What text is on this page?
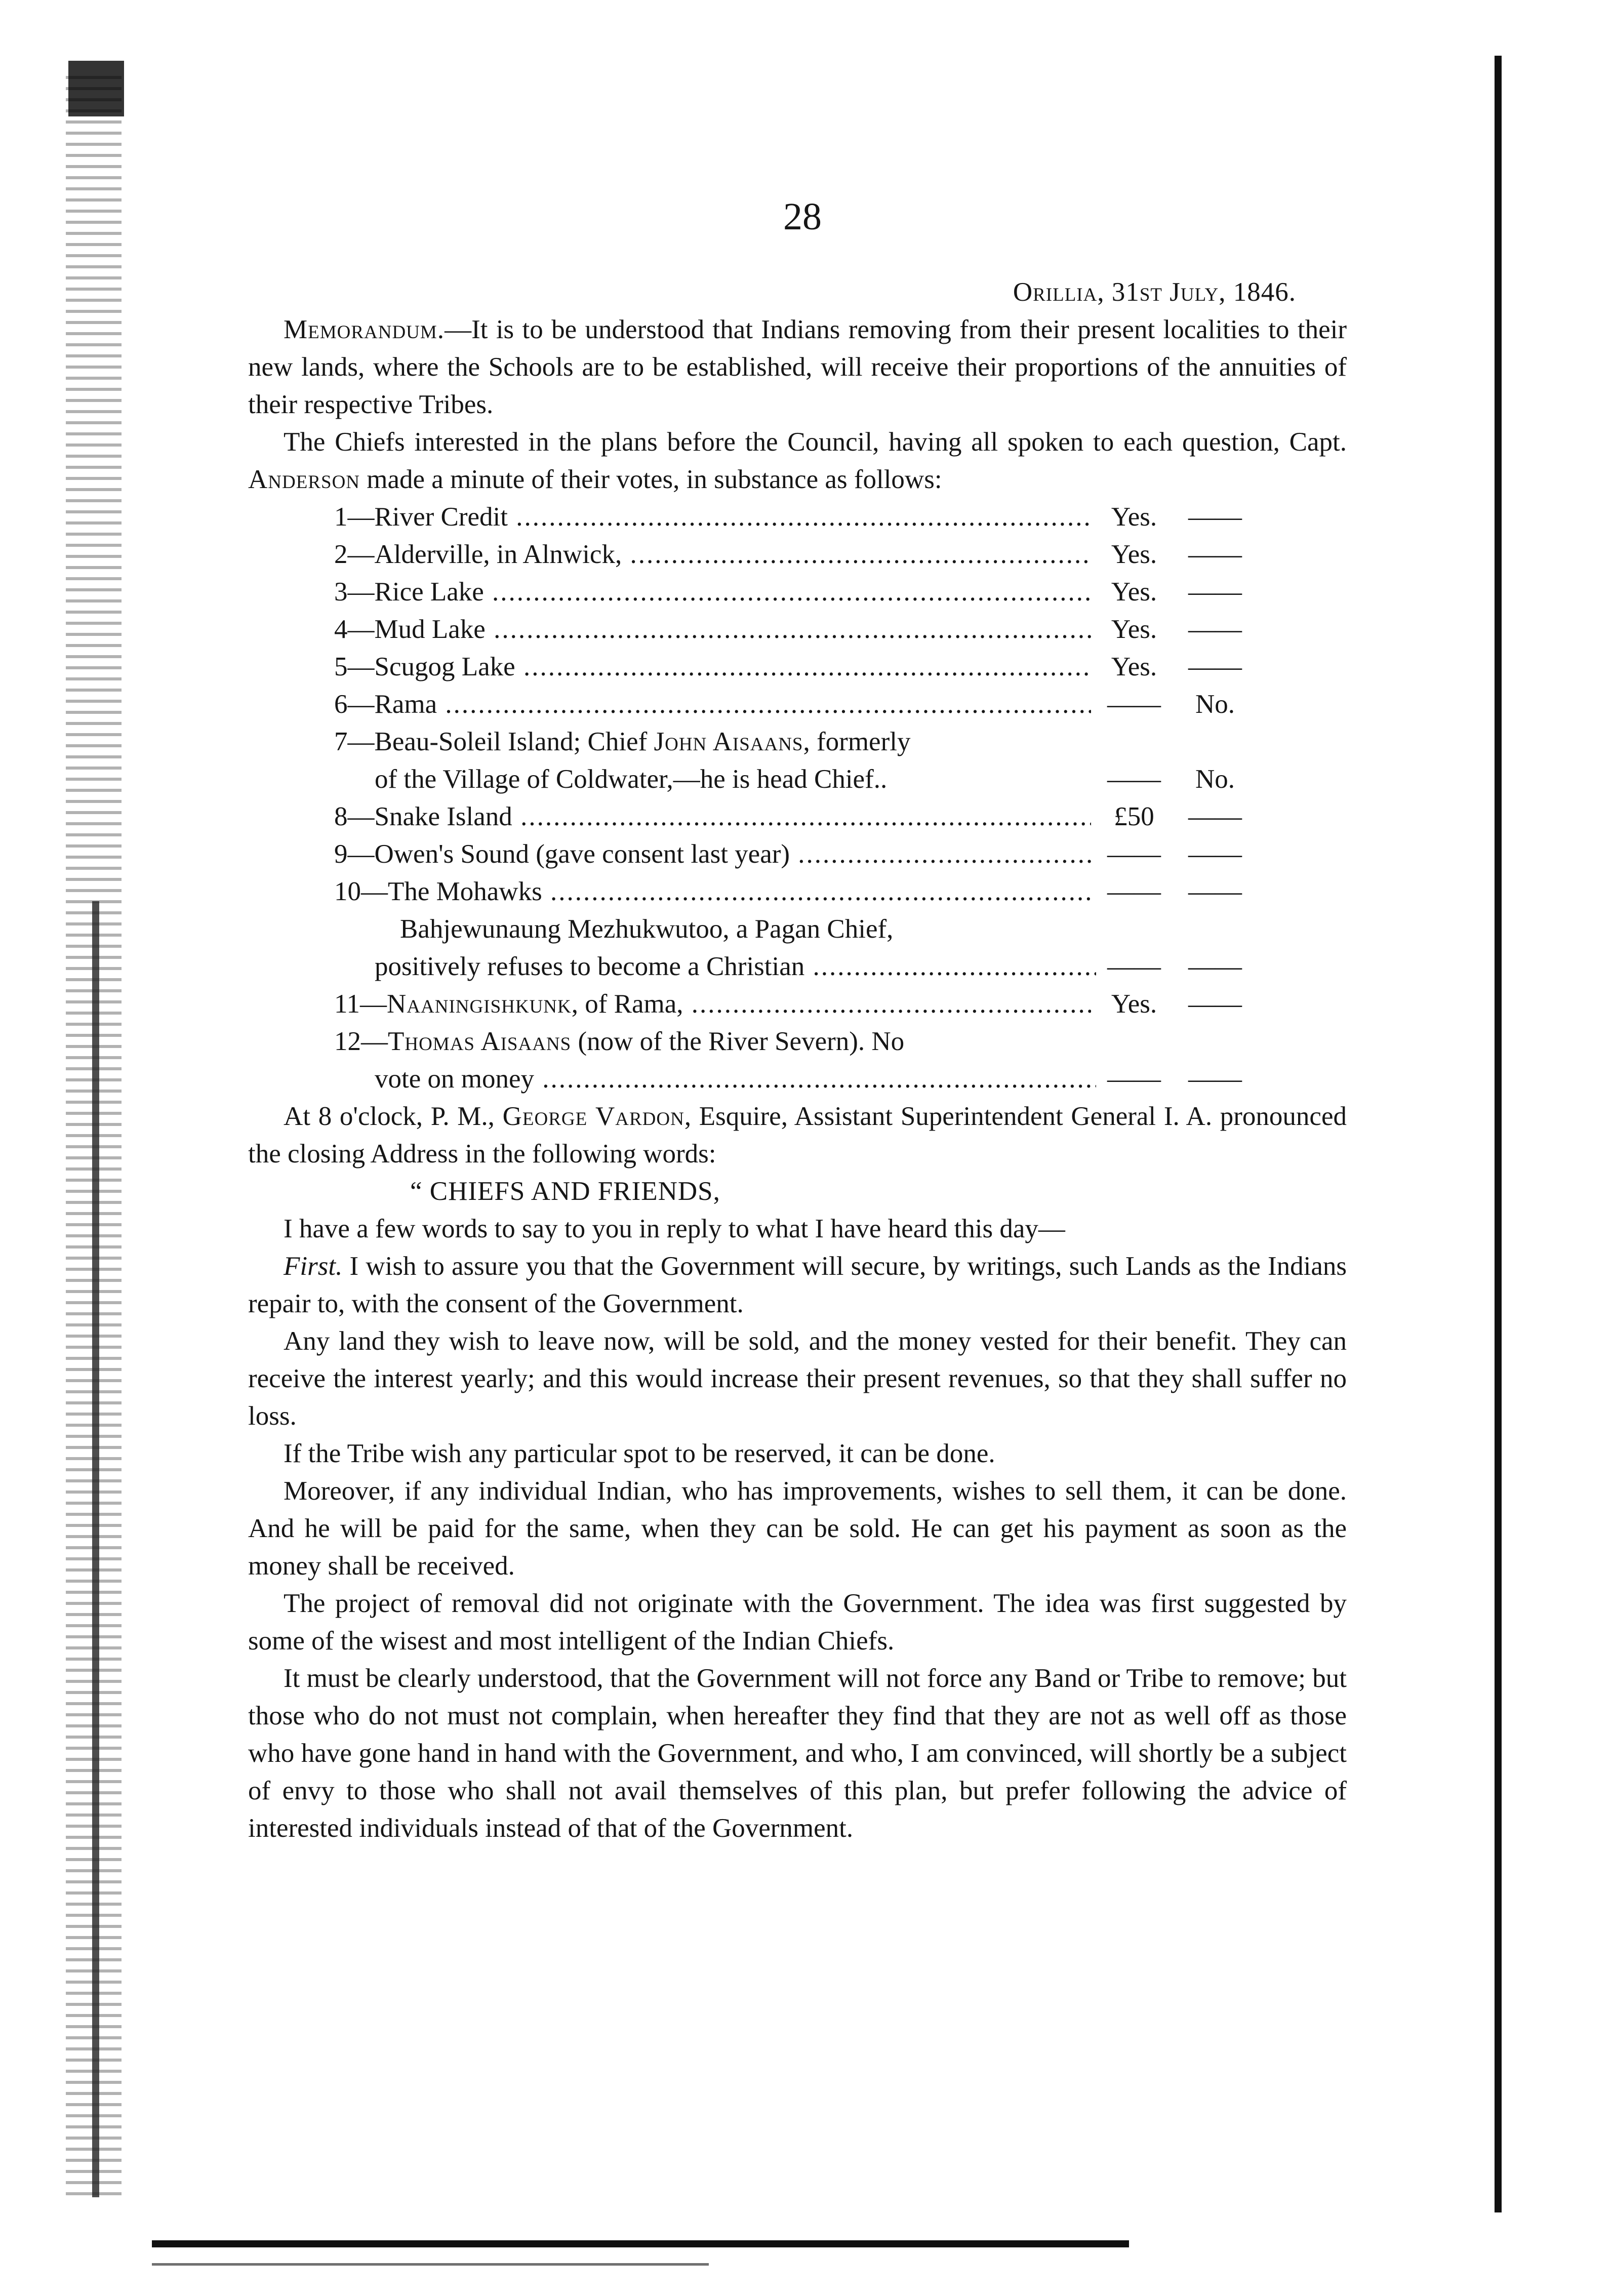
28

Orillia, 31st July, 1846.

Memorandum.—It is to be understood that Indians removing from their present localities to their new lands, where the Schools are to be established, will receive their proportions of the annuities of their respective Tribes.

The Chiefs interested in the plans before the Council, having all spoken to each question, Capt. Anderson made a minute of their votes, in substance as follows:

1—River Credit .....	Yes.	——
2—Alderville, in Alnwick, .....	Yes.	——
3—Rice Lake .....	Yes.	——
4—Mud Lake .....	Yes.	——
5—Scugog Lake .....	Yes.	——
6—Rama .....	——	No.
7—Beau-Soleil Island; Chief John Aisaans, formerly
of the Village of Coldwater,—he is head Chief..	——	No.
8—Snake Island .....	£50	——
9—Owen's Sound (gave consent last year) .....	——	——
10—The Mohawks .....	——	——
Bahjewunaung Mezhukwutoo, a Pagan Chief,
positively refuses to become a Christian .....	——	——
11—Naaningishkunk, of Rama, .....	Yes.	——
12—Thomas Aisaans (now of the River Severn). No
vote on money .....	——	——

At 8 o'clock, P. M., George Vardon, Esquire, Assistant Superintendent General I. A. pronounced the closing Address in the following words:

“ CHIEFS AND FRIENDS,

I have a few words to say to you in reply to what I have heard this day—

First. I wish to assure you that the Government will secure, by writings, such Lands as the Indians repair to, with the consent of the Government.

Any land they wish to leave now, will be sold, and the money vested for their benefit. They can receive the interest yearly; and this would increase their present revenues, so that they shall suffer no loss.

If the Tribe wish any particular spot to be reserved, it can be done.

Moreover, if any individual Indian, who has improvements, wishes to sell them, it can be done. And he will be paid for the same, when they can be sold. He can get his payment as soon as the money shall be received.

The project of removal did not originate with the Government. The idea was first suggested by some of the wisest and most intelligent of the Indian Chiefs.

It must be clearly understood, that the Government will not force any Band or Tribe to remove; but those who do not must not complain, when hereafter they find that they are not as well off as those who have gone hand in hand with the Government, and who, I am convinced, will shortly be a subject of envy to those who shall not avail themselves of this plan, but prefer following the advice of interested individuals instead of that of the Government.
